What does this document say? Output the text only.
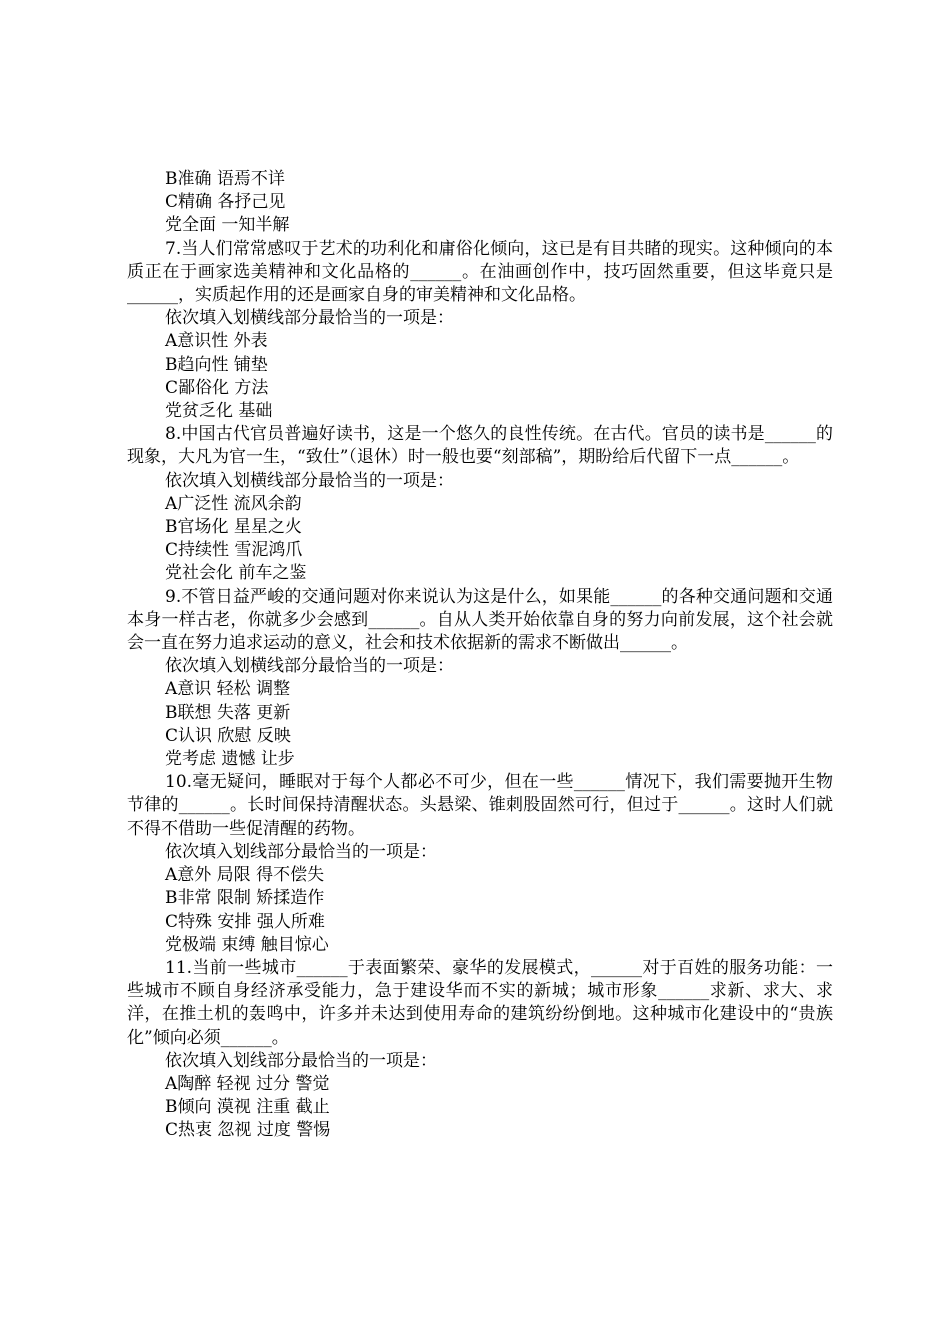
B准确 语焉不详

C精确 各抒己见

党全面 一知半解

7.当人们常常感叹于艺术的功利化和庸俗化倾向，这已是有目共睹的现实。这种倾向的本质正在于画家选美精神和文化品格的______。在油画创作中，技巧固然重要，但这毕竟只是______，实质起作用的还是画家自身的审美精神和文化品格。

依次填入划横线部分最恰当的一项是：

A意识性 外表

B趋向性 铺垫

C鄙俗化 方法

党贫乏化 基础

8.中国古代官员普遍好读书，这是一个悠久的良性传统。在古代。官员的读书是______的现象，大凡为官一生，“致仕”（退休）时一般也要“刻部稿”，期盼给后代留下一点______。

依次填入划横线部分最恰当的一项是：

A广泛性 流风余韵

B官场化 星星之火

C持续性 雪泥鸿爪

党社会化 前车之鉴

9.不管日益严峻的交通问题对你来说认为这是什么，如果能______的各种交通问题和交通本身一样古老，你就多少会感到______。自从人类开始依靠自身的努力向前发展，这个社会就会一直在努力追求运动的意义，社会和技术依据新的需求不断做出______。

依次填入划横线部分最恰当的一项是：

A意识 轻松 调整

B联想 失落 更新

C认识 欣慰 反映

党考虑 遗憾 让步

10.毫无疑问，睡眠对于每个人都必不可少，但在一些______情况下，我们需要抛开生物节律的______。长时间保持清醒状态。头悬梁、锥刺股固然可行，但过于______。这时人们就不得不借助一些促清醒的药物。

依次填入划线部分最恰当的一项是：

A意外 局限 得不偿失

B非常 限制 矫揉造作

C特殊 安排 强人所难

党极端 束缚 触目惊心

11.当前一些城市______于表面繁荣、豪华的发展模式，______对于百姓的服务功能：一些城市不顾自身经济承受能力，急于建设华而不实的新城；城市形象______求新、求大、求洋，在推土机的轰鸣中，许多并未达到使用寿命的建筑纷纷倒地。这种城市化建设中的“贵族化”倾向必须______。

依次填入划线部分最恰当的一项是：

A陶醉 轻视 过分 警觉

B倾向 漠视 注重 截止

C热衷 忽视 过度 警惕
